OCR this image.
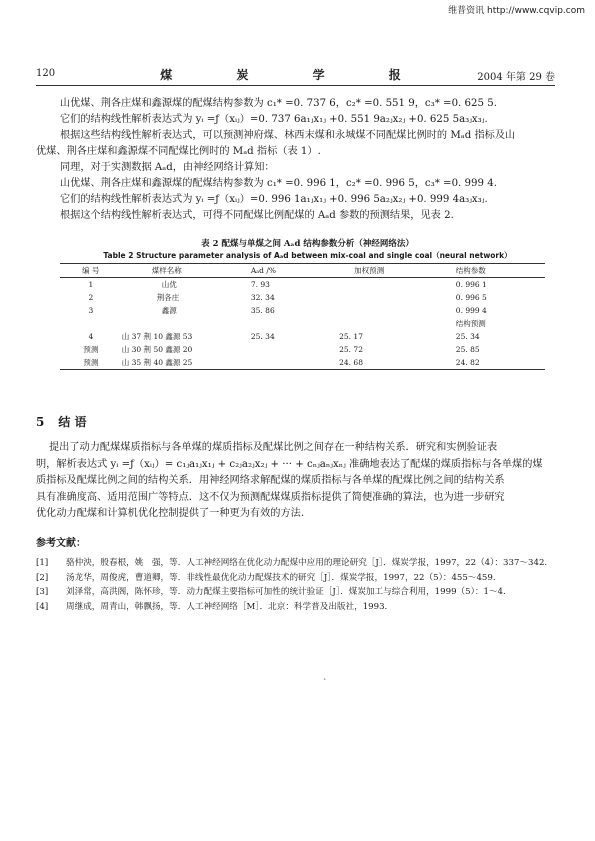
维普资讯 http://www.cqvip.com
120	煤 炭 学 报	2004 年第 29 卷

山优煤、荆各庄煤和鑫源煤的配煤结构参数为 c₁* =0. 737 6，c₂* =0. 551 9，c₃* =0. 625 5.

它们的结构线性解析表达式为 yᵢ =ƒ（xᵢⱼ）=0. 737 6a₁ⱼx₁ⱼ +0. 551 9a₂ⱼx₂ⱼ +0. 625 5a₃ⱼx₃ⱼ.

根据这些结构线性解析表达式，可以预测神府煤、林西末煤和永城煤不同配煤比例时的 Mₐd 指标及山

优煤、荆各庄煤和鑫源煤不同配煤比例时的 Mₐd 指标（表 1）.

同理，对于实测数据 Aₐd，由神经网络计算知：

山优煤、荆各庄煤和鑫源煤的配煤结构参数为 c₁* =0. 996 1，c₂* =0. 996 5，c₃* =0. 999 4.

它们的结构线性解析表达式为 yᵢ =ƒ（xᵢⱼ）=0. 996 1a₁ⱼx₁ⱼ +0. 996 5a₂ⱼx₂ⱼ +0. 999 4a₃ⱼx₃ⱼ.

根据这个结构线性解析表达式，可得不同配煤比例配煤的 Aₐd 参数的预测结果，见表 2.

表 2 配煤与单煤之间 Aₐd 结构参数分析（神经网络法）
Table 2 Structure parameter analysis of Aₐd between mix-coal and single coal（neural network）
编 号	煤样名称	Aₐd /%	加权预测	结构参数
1	山优	7. 93		0. 996 1
2	荆各庄	32. 34		0. 996 5
3	鑫源	35. 86		0. 999 4
				结构预测
4	山 37 荆 10 鑫源 53	25. 34	25. 17	25. 34
预测	山 30 荆 50 鑫源 20		25. 72	25. 85
预测	山 35 荆 40 鑫源 25		24. 68	24. 82
5 结 语

提出了动力配煤煤质指标与各单煤的煤质指标及配煤比例之间存在一种结构关系．研究和实例验证表

明，解析表达式 yᵢ =ƒ（xᵢⱼ）= c₁ⱼa₁ⱼx₁ⱼ + c₂ⱼa₂ⱼx₂ⱼ + ··· + cₙⱼaₙⱼxₙⱼ 准确地表达了配煤的煤质指标与各单煤的煤

质指标及配煤比例之间的结构关系．用神经网络求解配煤的煤质指标与各单煤的配煤比例之间的结构关系

具有准确度高、适用范围广等特点．这不仅为预测配煤煤质指标提供了简便准确的算法，也为进一步研究

优化动力配煤和计算机优化控制提供了一种更为有效的方法.

参考文献：
[1] 骆仲泱，殷春根，姚　强，等．人工神经网络在优化动力配煤中应用的理论研究［J］．煤炭学报，1997，22（4）：337～342.
[2] 汤龙华，周俊虎，曹道卿，等．非线性最优化动力配煤技术的研究［J］．煤炭学报，1997，22（5）：455～459.
[3] 刘泽常，高洪阁，陈怀珍，等．动力配煤主要指标可加性的统计验证［J］．煤炭加工与综合利用，1999（5）：1～4.
[4] 周继成，周青山，韩飘扬，等．人工神经网络［M］．北京：科学普及出版社，1993.
`
